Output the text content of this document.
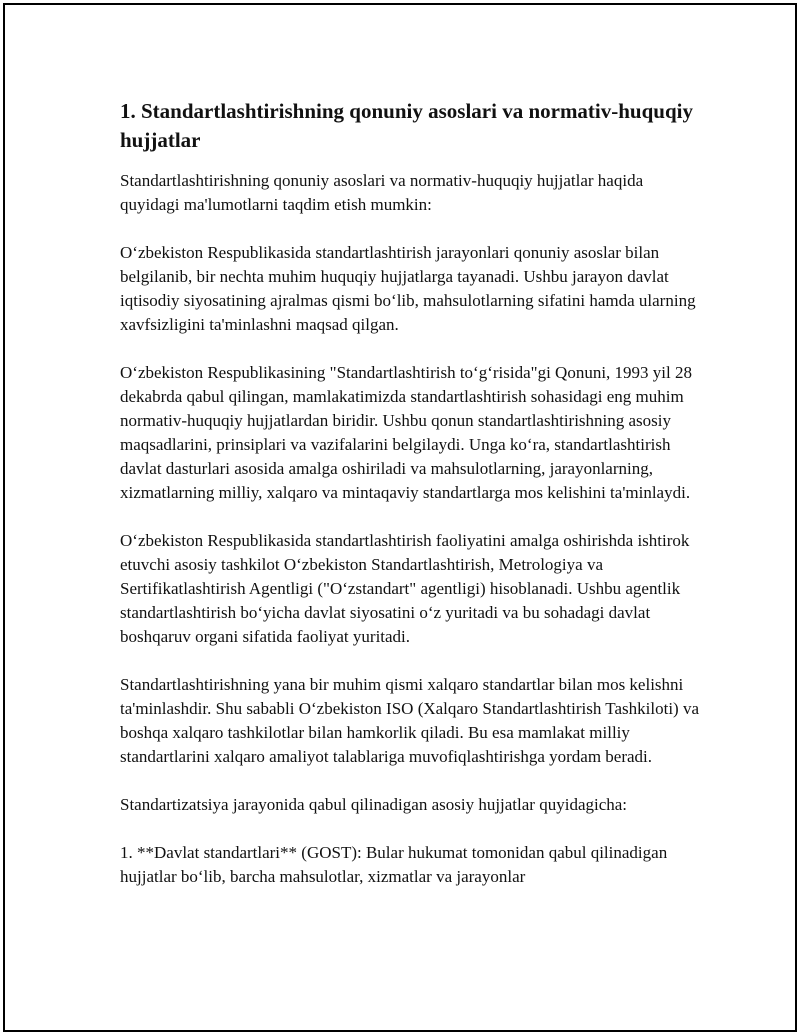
1. Standartlashtirishning qonuniy asoslari va normativ-huquqiy hujjatlar

Standartlashtirishning qonuniy asoslari va normativ-huquqiy hujjatlar haqida quyidagi ma'lumotlarni taqdim etish mumkin:

O‘zbekiston Respublikasida standartlashtirish jarayonlari qonuniy asoslar bilan belgilanib, bir nechta muhim huquqiy hujjatlarga tayanadi. Ushbu jarayon davlat iqtisodiy siyosatining ajralmas qismi bo‘lib, mahsulotlarning sifatini hamda ularning xavfsizligini ta'minlashni maqsad qilgan.

O‘zbekiston Respublikasining "Standartlashtirish to‘g‘risida"gi Qonuni, 1993 yil 28 dekabrda qabul qilingan, mamlakatimizda standartlashtirish sohasidagi eng muhim normativ-huquqiy hujjatlardan biridir. Ushbu qonun standartlashtirishning asosiy maqsadlarini, prinsiplari va vazifalarini belgilaydi. Unga ko‘ra, standartlashtirish davlat dasturlari asosida amalga oshiriladi va mahsulotlarning, jarayonlarning, xizmatlarning milliy, xalqaro va mintaqaviy standartlarga mos kelishini ta'minlaydi.

O‘zbekiston Respublikasida standartlashtirish faoliyatini amalga oshirishda ishtirok etuvchi asosiy tashkilot O‘zbekiston Standartlashtirish, Metrologiya va Sertifikatlashtirish Agentligi ("O‘zstandart" agentligi) hisoblanadi. Ushbu agentlik standartlashtirish bo‘yicha davlat siyosatini o‘z yuritadi va bu sohadagi davlat boshqaruv organi sifatida faoliyat yuritadi.

Standartlashtirishning yana bir muhim qismi xalqaro standartlar bilan mos kelishni ta'minlashdir. Shu sababli O‘zbekiston ISO (Xalqaro Standartlashtirish Tashkiloti) va boshqa xalqaro tashkilotlar bilan hamkorlik qiladi. Bu esa mamlakat milliy standartlarini xalqaro amaliyot talablariga muvofiqlashtirishga yordam beradi.

Standartizatsiya jarayonida qabul qilinadigan asosiy hujjatlar quyidagicha:

1. **Davlat standartlari** (GOST): Bular hukumat tomonidan qabul qilinadigan hujjatlar bo‘lib, barcha mahsulotlar, xizmatlar va jarayonlar
